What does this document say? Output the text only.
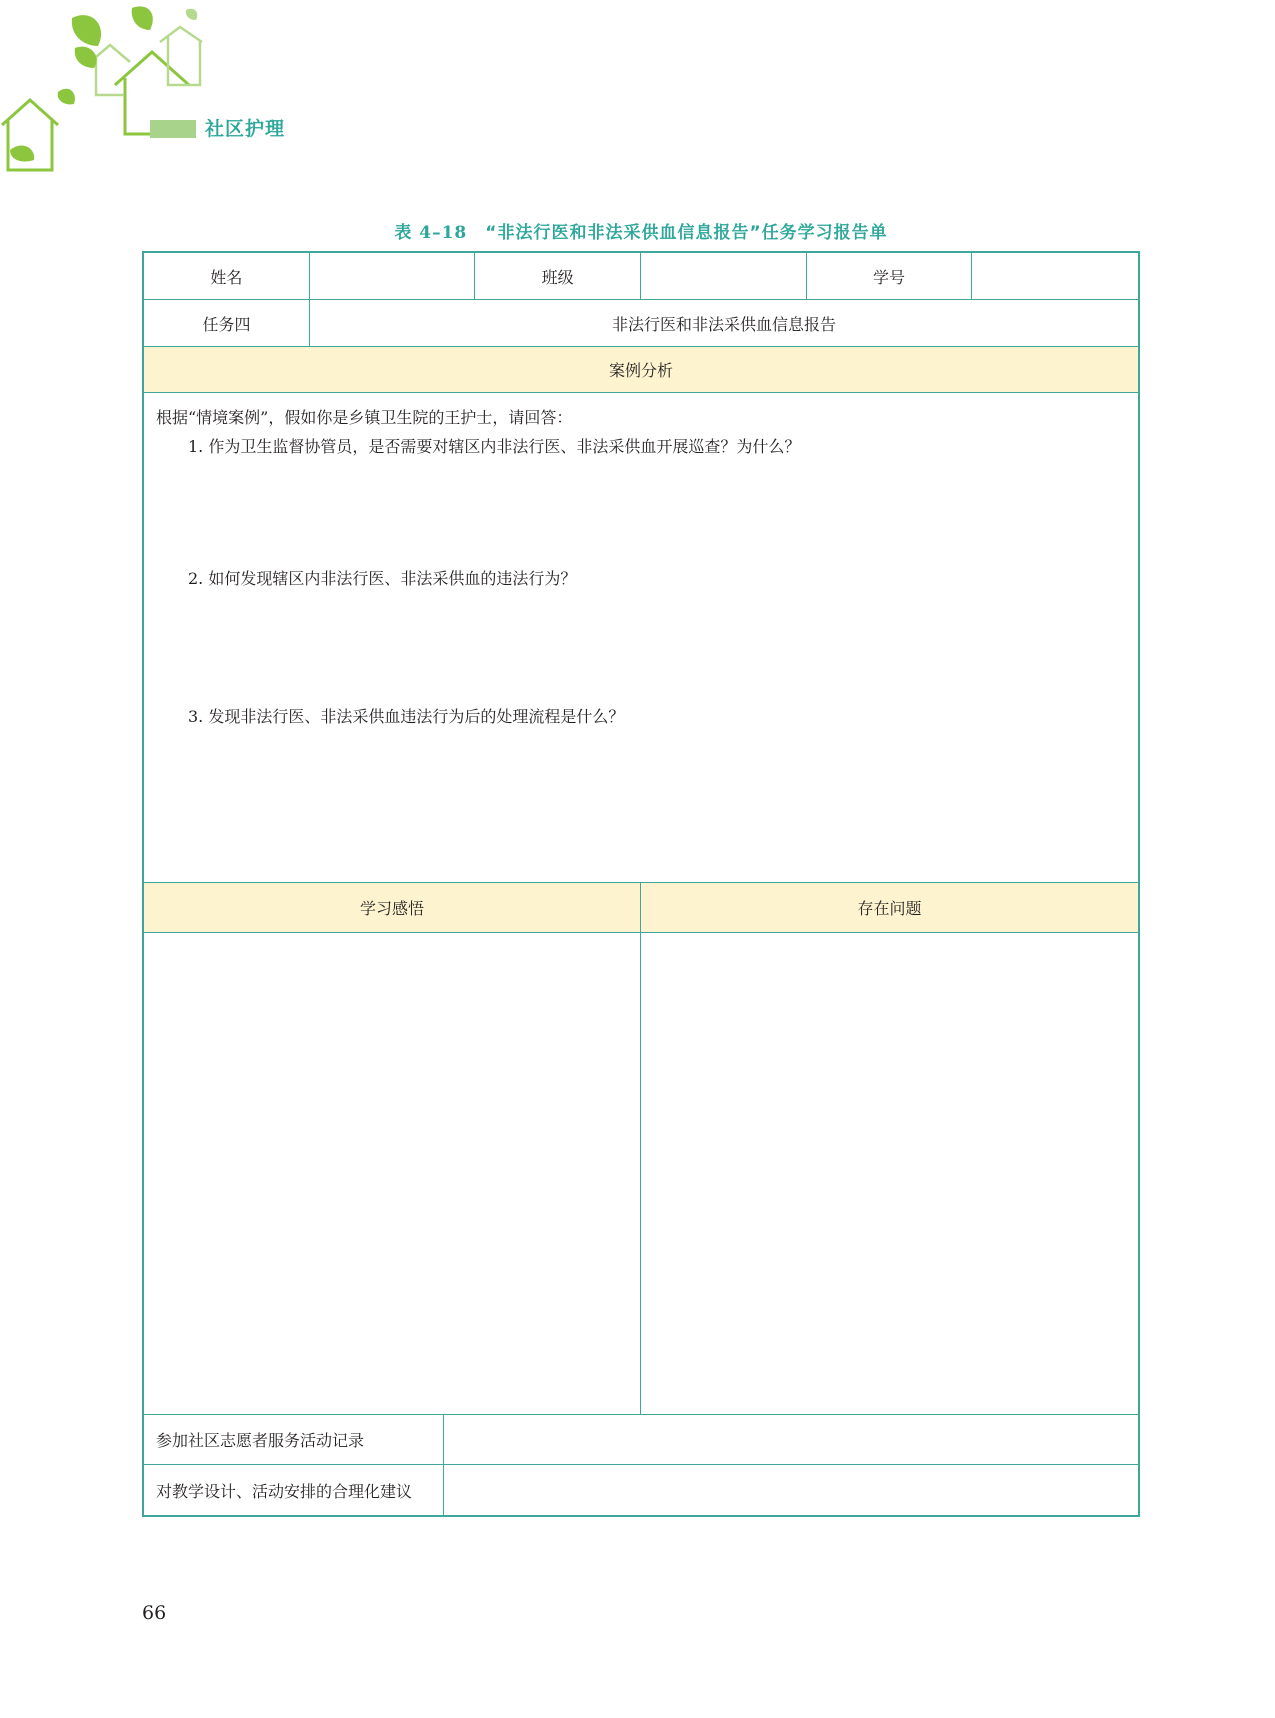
社区护理
表 4–18 “非法行医和非法采供血信息报告”任务学习报告单
姓名	班级	学号
任务四	非法行医和非法采供血信息报告
案例分析

根据“情境案例”，假如你是乡镇卫生院的王护士，请回答：

1. 作为卫生监督协管员，是否需要对辖区内非法行医、非法采供血开展巡查？为什么？

2. 如何发现辖区内非法行医、非法采供血的违法行为？

3. 发现非法行医、非法采供血违法行为后的处理流程是什么？

学习感悟	存在问题
参加社区志愿者服务活动记录
对教学设计、活动安排的合理化建议
66
